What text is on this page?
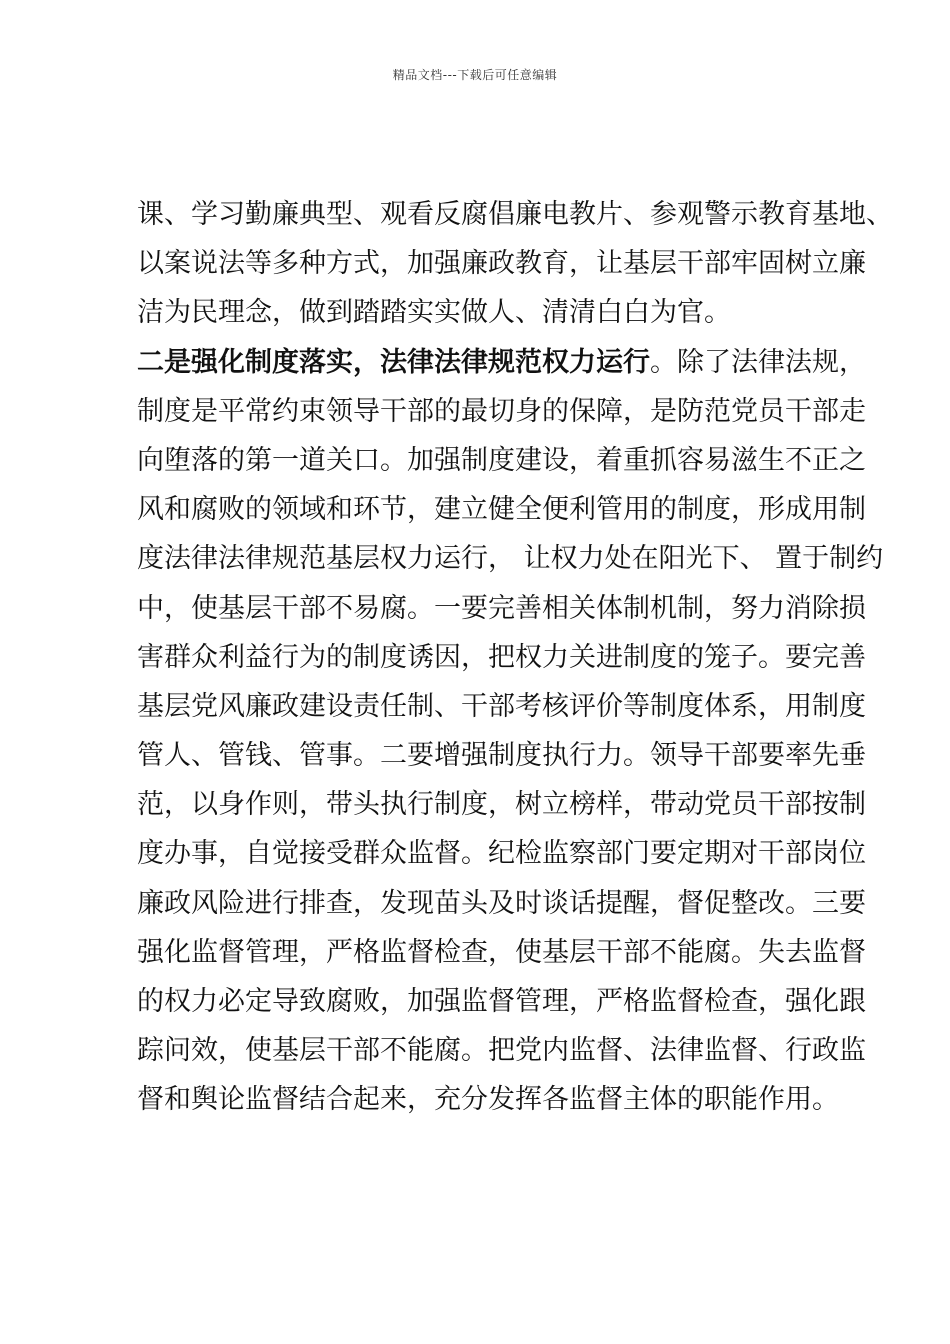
精品文档---下载后可任意编辑
课、学习勤廉典型、观看反腐倡廉电教片、参观警示教育基地、
以案说法等多种方式，加强廉政教育，让基层干部牢固树立廉
洁为民理念，做到踏踏实实做人、清清白白为官。
二是强化制度落实，法律法律规范权力运行。除了法律法规，
制度是平常约束领导干部的最切身的保障，是防范党员干部走
向堕落的第一道关口。加强制度建设，着重抓容易滋生不正之
风和腐败的领域和环节，建立健全便利管用的制度，形成用制
度法律法律规范基层权力运行， 让权力处在阳光下、 置于制约
中，使基层干部不易腐。一要完善相关体制机制，努力消除损
害群众利益行为的制度诱因，把权力关进制度的笼子。要完善
基层党风廉政建设责任制、干部考核评价等制度体系，用制度
管人、管钱、管事。二要增强制度执行力。领导干部要率先垂
范，以身作则，带头执行制度，树立榜样，带动党员干部按制
度办事，自觉接受群众监督。纪检监察部门要定期对干部岗位
廉政风险进行排查，发现苗头及时谈话提醒，督促整改。三要
强化监督管理，严格监督检查，使基层干部不能腐。失去监督
的权力必定导致腐败，加强监督管理，严格监督检查，强化跟
踪问效，使基层干部不能腐。把党内监督、法律监督、行政监
督和舆论监督结合起来，充分发挥各监督主体的职能作用。
